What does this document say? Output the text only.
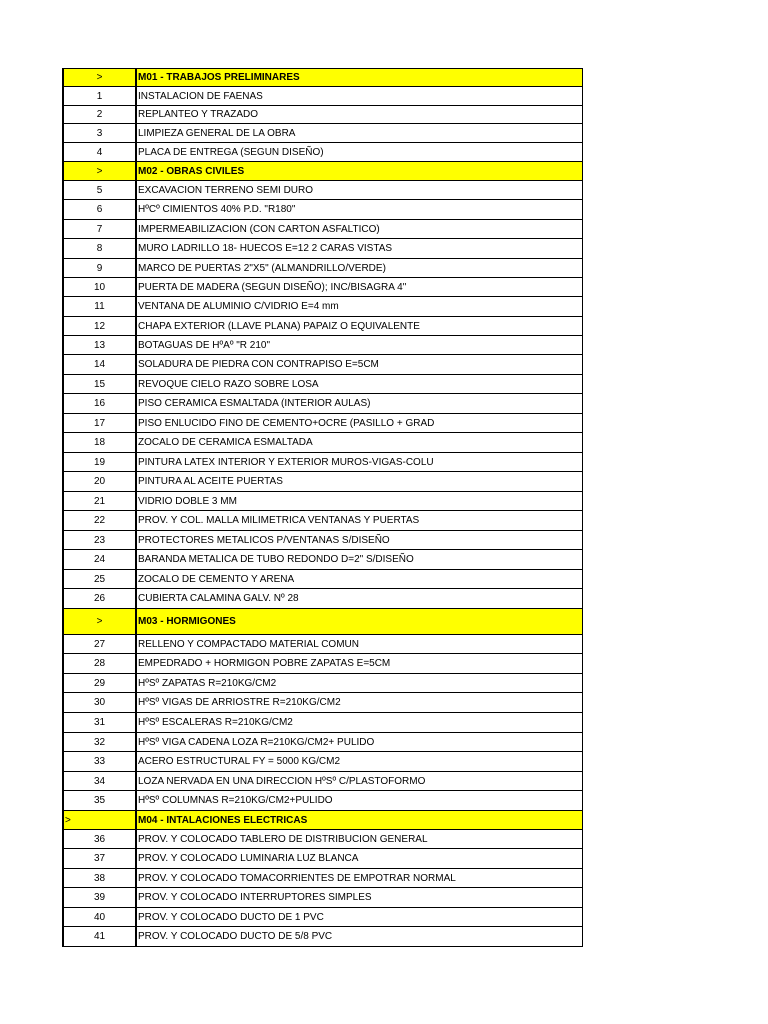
>	M01 - TRABAJOS PRELIMINARES
1	INSTALACION DE FAENAS
2	REPLANTEO Y TRAZADO
3	LIMPIEZA GENERAL DE LA OBRA
4	PLACA DE ENTREGA (SEGUN DISEÑO)
>	M02 - OBRAS CIVILES
5	EXCAVACION TERRENO SEMI DURO
6	HºCº CIMIENTOS 40% P.D. "R180"
7	IMPERMEABILIZACION (CON CARTON ASFALTICO)
8	MURO LADRILLO 18- HUECOS E=12 2 CARAS VISTAS
9	MARCO DE PUERTAS 2"X5" (ALMANDRILLO/VERDE)
10	PUERTA DE MADERA (SEGUN DISEÑO); INC/BISAGRA 4"
11	VENTANA DE ALUMINIO C/VIDRIO E=4 mm
12	CHAPA EXTERIOR (LLAVE PLANA) PAPAIZ O EQUIVALENTE
13	BOTAGUAS DE HºAº "R 210"
14	SOLADURA DE PIEDRA CON CONTRAPISO E=5CM
15	REVOQUE CIELO RAZO SOBRE LOSA
16	PISO CERAMICA ESMALTADA (INTERIOR AULAS)
17	PISO ENLUCIDO FINO DE CEMENTO+OCRE (PASILLO + GRAD
18	ZOCALO DE CERAMICA ESMALTADA
19	PINTURA LATEX INTERIOR Y EXTERIOR MUROS-VIGAS-COLU
20	PINTURA AL ACEITE PUERTAS
21	VIDRIO DOBLE 3 MM
22	PROV. Y COL. MALLA MILIMETRICA VENTANAS Y PUERTAS
23	PROTECTORES METALICOS P/VENTANAS S/DISEÑO
24	BARANDA METALICA DE TUBO REDONDO D=2" S/DISEÑO
25	ZOCALO DE CEMENTO Y ARENA
26	CUBIERTA CALAMINA GALV. Nº 28
>	M03 - HORMIGONES
27	RELLENO Y COMPACTADO MATERIAL COMUN
28	EMPEDRADO + HORMIGON POBRE ZAPATAS E=5CM
29	HºSº ZAPATAS R=210KG/CM2
30	HºSº VIGAS DE ARRIOSTRE R=210KG/CM2
31	HºSº ESCALERAS R=210KG/CM2
32	HºSº VIGA CADENA LOZA R=210KG/CM2+ PULIDO
33	ACERO ESTRUCTURAL FY = 5000 KG/CM2
34	LOZA NERVADA EN UNA DIRECCION HºSº C/PLASTOFORMO
35	HºSº COLUMNAS R=210KG/CM2+PULIDO
>	M04 - INTALACIONES ELECTRICAS
36	PROV. Y COLOCADO TABLERO DE DISTRIBUCION GENERAL
37	PROV. Y COLOCADO LUMINARIA LUZ BLANCA
38	PROV. Y COLOCADO TOMACORRIENTES DE EMPOTRAR NORMAL
39	PROV. Y COLOCADO INTERRUPTORES SIMPLES
40	PROV. Y COLOCADO DUCTO DE 1 PVC
41	PROV. Y COLOCADO DUCTO DE 5/8 PVC
